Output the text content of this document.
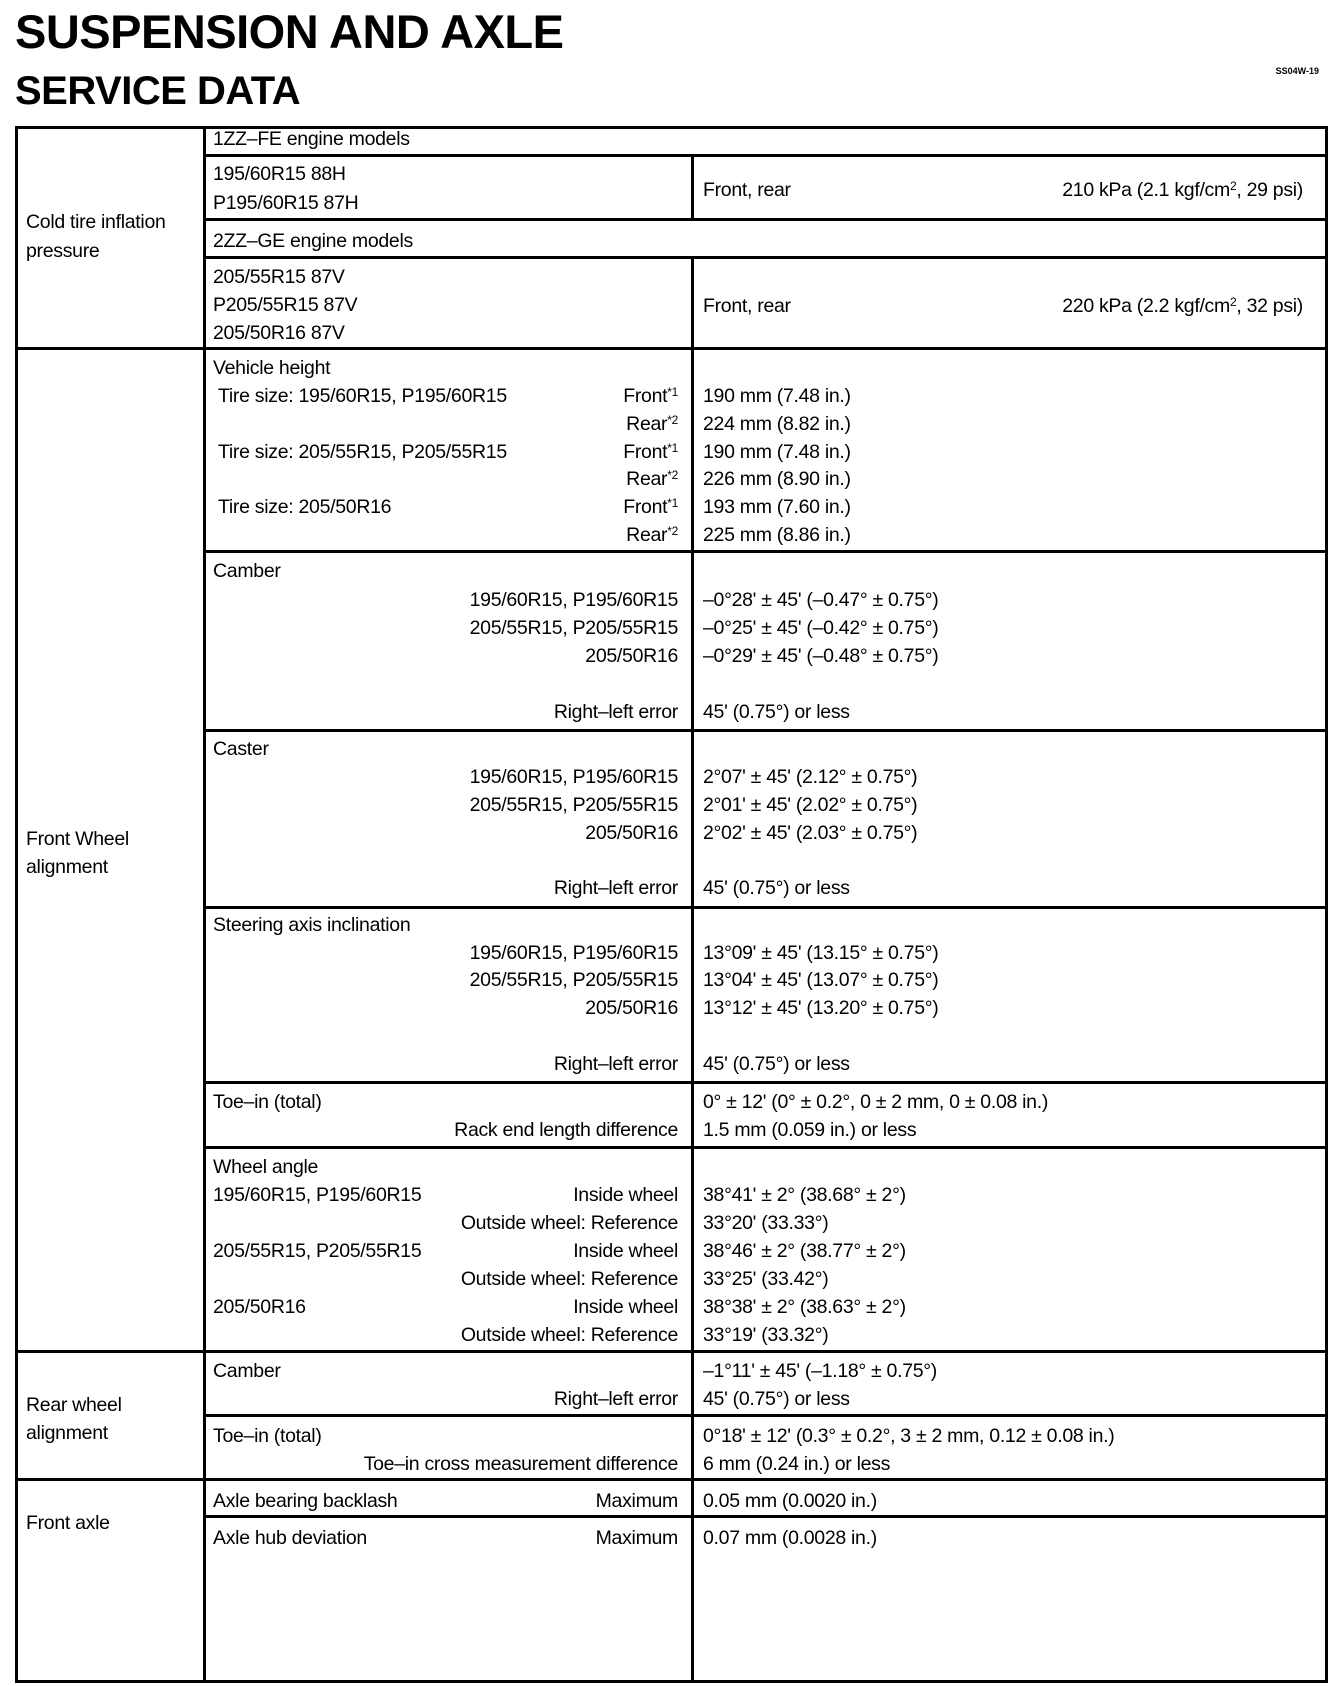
SUSPENSION AND AXLE
SERVICE DATA	SS04W-19
Cold tire inflation
pressure
1ZZ–FE engine models
195/60R15 88H
P195/60R15 87H
Front, rear	210 kPa (2.1 kgf/$cm^2$, 29 psi)
2ZZ–GE engine models
205/55R15 87V
P205/55R15 87V
205/50R16 87V
Front, rear	220 kPa (2.2 kgf/$cm^2$, 32 psi)
Front Wheel
alignment
Vehicle height
Tire size: 195/60R15, P195/60R15	Front$^{*1}$ 190 mm (7.48 in.)
Rear$^{*2}$ 224 mm (8.82 in.)
Tire size: 205/55R15, P205/55R15	Front$^{*1}$ 190 mm (7.48 in.)
Rear$^{*2}$ 226 mm (8.90 in.)
Tire size: 205/50R16	Front$^{*1}$ 193 mm (7.60 in.)
Rear$^{*2}$ 225 mm (8.86 in.)
Camber
195/60R15, P195/60R15 –0°28' ± 45' (–0.47° ± 0.75°)
205/55R15, P205/55R15 –0°25' ± 45' (–0.42° ± 0.75°)
205/50R16 –0°29' ± 45' (–0.48° ± 0.75°)
Right–left error 45' (0.75°) or less
Caster
195/60R15, P195/60R15 2°07' ± 45' (2.12° ± 0.75°)
205/55R15, P205/55R15 2°01' ± 45' (2.02° ± 0.75°)
205/50R16 2°02' ± 45' (2.03° ± 0.75°)
Right–left error 45' (0.75°) or less
Steering axis inclination
195/60R15, P195/60R15 13°09' ± 45' (13.15° ± 0.75°)
205/55R15, P205/55R15 13°04' ± 45' (13.07° ± 0.75°)
205/50R16 13°12' ± 45' (13.20° ± 0.75°)
Right–left error 45' (0.75°) or less
Toe–in (total)	0° ± 12' (0° ± 0.2°, 0 ± 2 mm, 0 ± 0.08 in.)
Rack end length difference 1.5 mm (0.059 in.) or less
Wheel angle
195/60R15, P195/60R15	Inside wheel 38°41' ± 2° (38.68° ± 2°)
Outside wheel: Reference 33°20' (33.33°)
205/55R15, P205/55R15	Inside wheel 38°46' ± 2° (38.77° ± 2°)
Outside wheel: Reference 33°25' (33.42°)
205/50R16	Inside wheel 38°38' ± 2° (38.63° ± 2°)
Outside wheel: Reference 33°19' (33.32°)
Rear wheel
alignment
Camber	–1°11' ± 45' (–1.18° ± 0.75°)
Right–left error 45' (0.75°) or less
Toe–in (total)	0°18' ± 12' (0.3° ± 0.2°, 3 ± 2 mm, 0.12 ± 0.08 in.)
Toe–in cross measurement difference 6 mm (0.24 in.) or less
Front axle
Axle bearing backlash	Maximum 0.05 mm (0.0020 in.)
Axle hub deviation	Maximum 0.07 mm (0.0028 in.)
